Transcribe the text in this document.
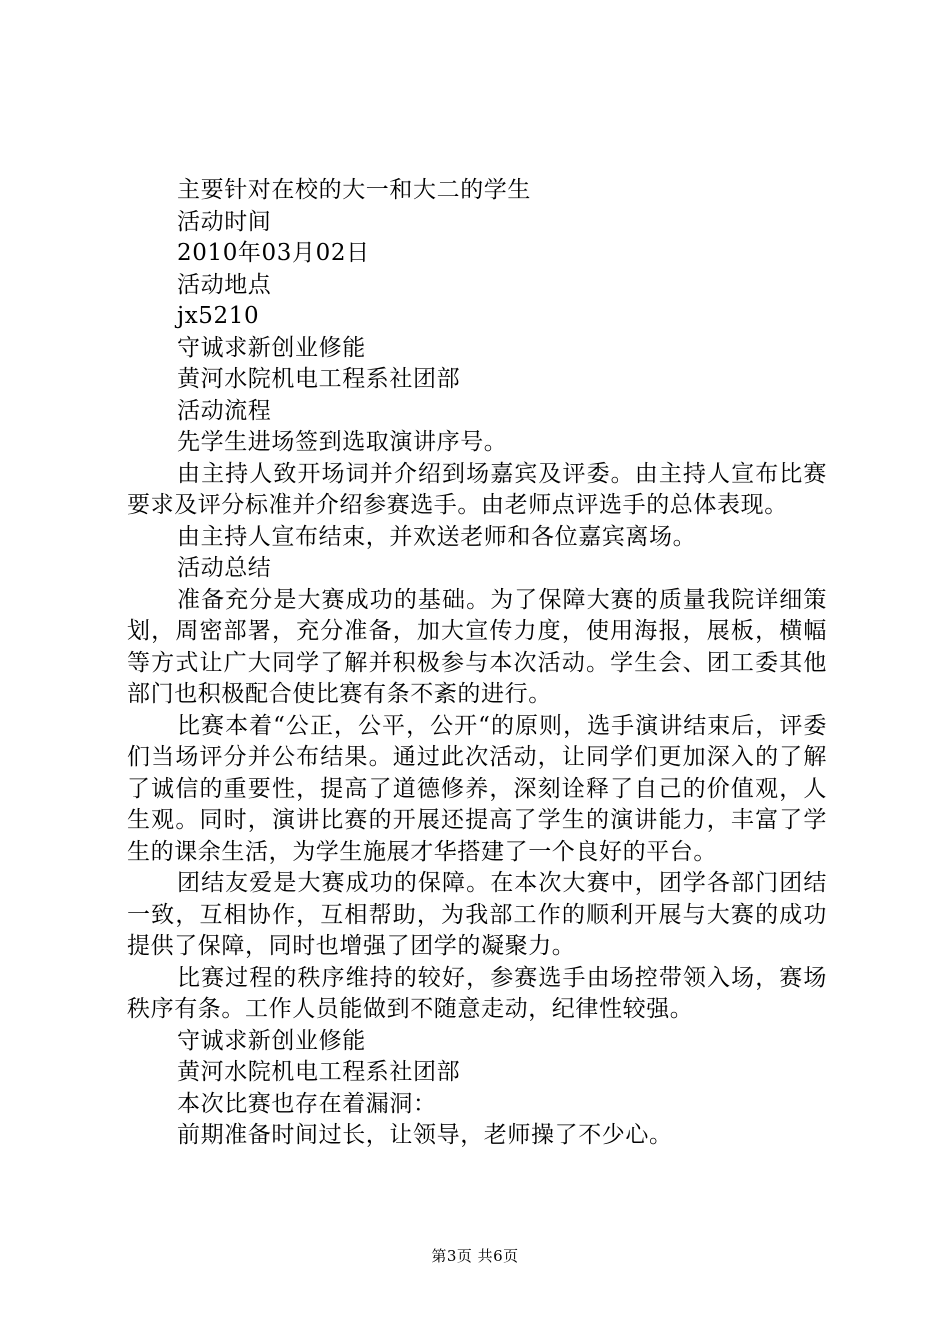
主要针对在校的大一和大二的学生
活动时间
2010年03月02日
活动地点
jx5210
守诚求新创业修能
黄河水院机电工程系社团部
活动流程
先学生进场签到选取演讲序号。

由主持人致开场词并介绍到场嘉宾及评委。由主持人宣布比赛要求及评分标准并介绍参赛选手。由老师点评选手的总体表现。

由主持人宣布结束，并欢送老师和各位嘉宾离场。

活动总结

准备充分是大赛成功的基础。为了保障大赛的质量我院详细策划，周密部署，充分准备，加大宣传力度，使用海报，展板，横幅等方式让广大同学了解并积极参与本次活动。学生会、团工委其他部门也积极配合使比赛有条不紊的进行。

比赛本着“公正，公平，公开“的原则，选手演讲结束后，评委们当场评分并公布结果。通过此次活动，让同学们更加深入的了解了诚信的重要性，提高了道德修养，深刻诠释了自己的价值观，人生观。同时，演讲比赛的开展还提高了学生的演讲能力，丰富了学生的课余生活，为学生施展才华搭建了一个良好的平台。

团结友爱是大赛成功的保障。在本次大赛中，团学各部门团结一致，互相协作，互相帮助，为我部工作的顺利开展与大赛的成功提供了保障，同时也增强了团学的凝聚力。

比赛过程的秩序维持的较好，参赛选手由场控带领入场，赛场秩序有条。工作人员能做到不随意走动，纪律性较强。

守诚求新创业修能
黄河水院机电工程系社团部
本次比赛也存在着漏洞：
前期准备时间过长，让领导，老师操了不少心。
第3页 共6页
